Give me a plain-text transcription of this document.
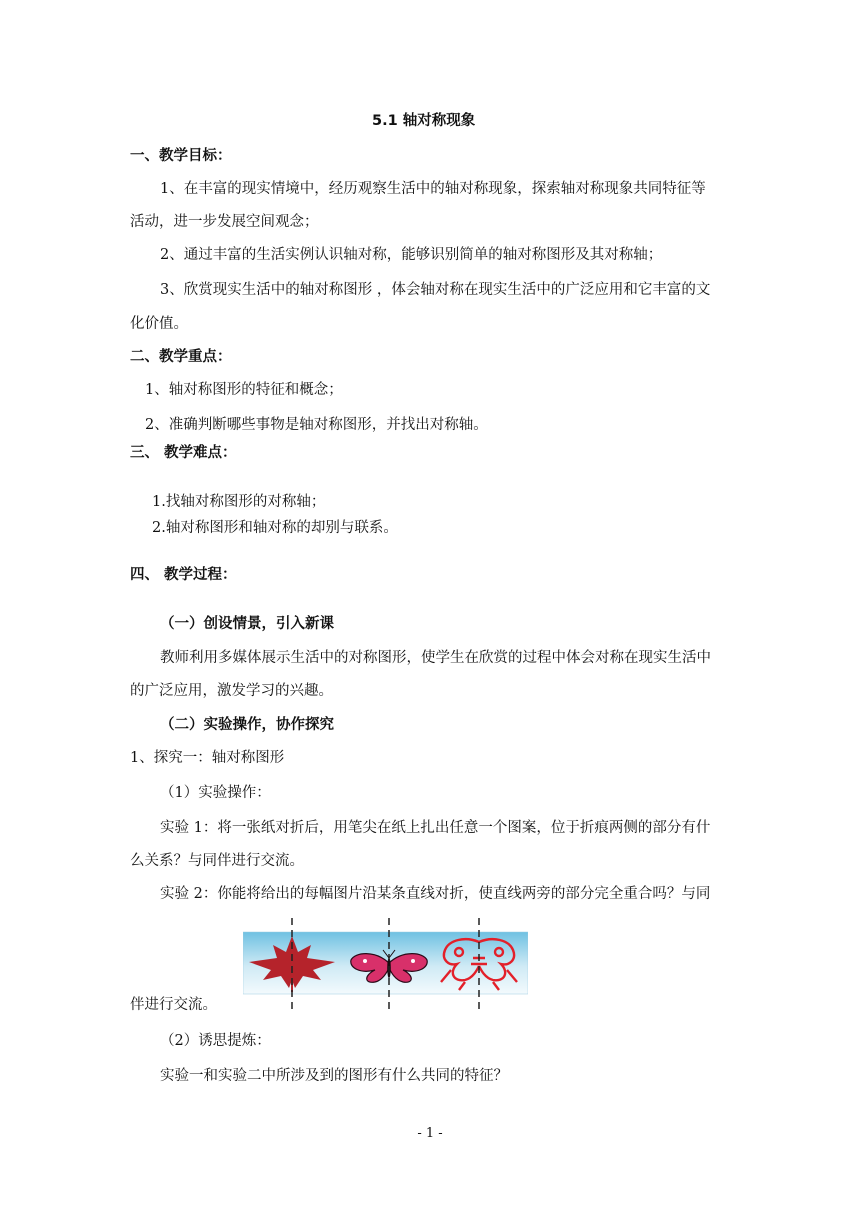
5.1 轴对称现象
一、教学目标：
1、在丰富的现实情境中，经历观察生活中的轴对称现象，探索轴对称现象共同特征等
活动，进一步发展空间观念；
2、通过丰富的生活实例认识轴对称，能够识别简单的轴对称图形及其对称轴；
3、欣赏现实生活中的轴对称图形 ，体会轴对称在现实生活中的广泛应用和它丰富的文
化价值。
二、教学重点：
1、轴对称图形的特征和概念；
2、准确判断哪些事物是轴对称图形，并找出对称轴。
三、 教学难点：
1.找轴对称图形的对称轴；
2.轴对称图形和轴对称的却别与联系。
四、 教学过程：
（一）创设情景，引入新课
教师利用多媒体展示生活中的对称图形，使学生在欣赏的过程中体会对称在现实生活中
的广泛应用，激发学习的兴趣。
（二）实验操作，协作探究
1、探究一：轴对称图形
（1）实验操作：
实验 1：将一张纸对折后，用笔尖在纸上扎出任意一个图案，位于折痕两侧的部分有什
么关系？与同伴进行交流。
实验 2：你能将给出的每幅图片沿某条直线对折，使直线两旁的部分完全重合吗？与同
伴进行交流。
（2）诱思提炼：
实验一和实验二中所涉及到的图形有什么共同的特征？
- 1 -
